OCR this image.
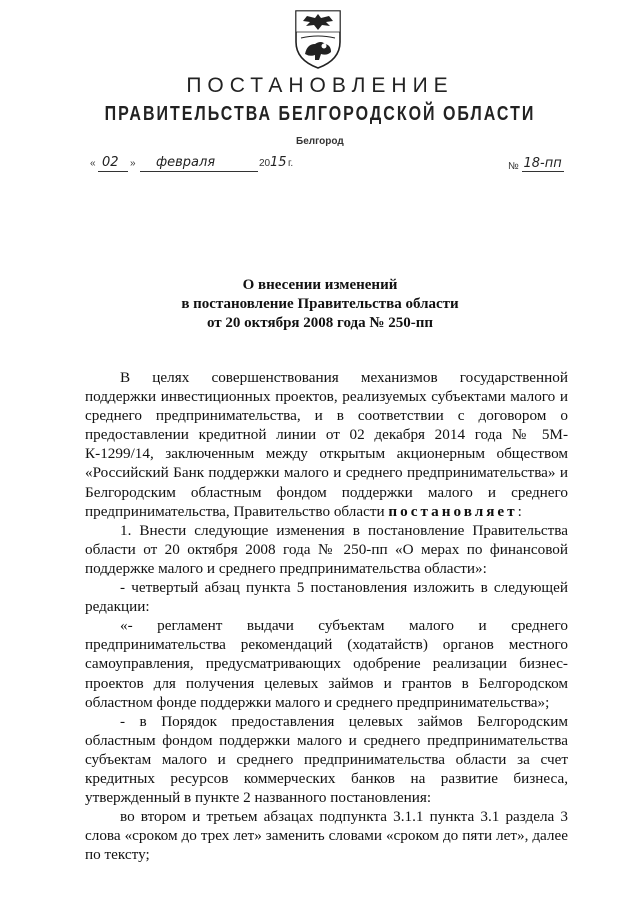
ПОСТАНОВЛЕНИЕ
ПРАВИТЕЛЬСТВА БЕЛГОРОДСКОЙ ОБЛАСТИ
Белгород
« 02 » февраля	20 15 г.	№ 18-пп
О внесении изменений
в постановление Правительства области
от 20 октября 2008 года № 250-пп

В целях совершенствования механизмов государственной поддержки инвестиционных проектов, реализуемых субъектами малого и среднего предпринимательства, и в соответствии с договором о предоставлении кредитной линии от 02 декабря 2014 года № 5М-К-1299/14, заключенным между открытым акционерным обществом «Российский Банк поддержки малого и среднего предпринимательства» и Белгородским областным фондом поддержки малого и среднего предпринимательства, Правительство области постановляет:

1. Внести следующие изменения в постановление Правительства области от 20 октября 2008 года № 250-пп «О мерах по финансовой поддержке малого и среднего предпринимательства области»:

- четвертый абзац пункта 5 постановления изложить в следующей редакции:

«- регламент выдачи субъектам малого и среднего предпринимательства рекомендаций (ходатайств) органов местного самоуправления, предусматривающих одобрение реализации бизнес-проектов для получения целевых займов и грантов в Белгородском областном фонде поддержки малого и среднего предпринимательства»;

- в Порядок предоставления целевых займов Белгородским областным фондом поддержки малого и среднего предпринимательства субъектам малого и среднего предпринимательства области за счет кредитных ресурсов коммерческих банков на развитие бизнеса, утвержденный в пункте 2 названного постановления:

во втором и третьем абзацах подпункта 3.1.1 пункта 3.1 раздела 3 слова «сроком до трех лет» заменить словами «сроком до пяти лет», далее по тексту;
